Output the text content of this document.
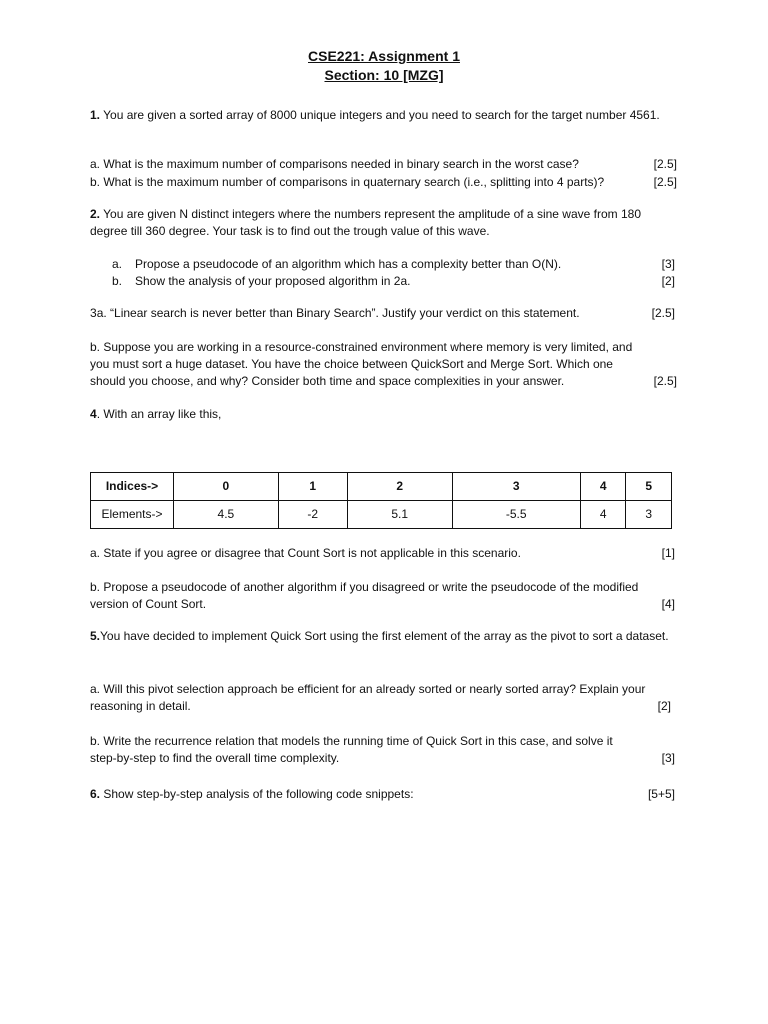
CSE221: Assignment 1
Section: 10 [MZG]
1. You are given a sorted array of 8000 unique integers and you need to search for the target number 4561.
a. What is the maximum number of comparisons needed in binary search in the worst case?	[2.5]
b. What is the maximum number of comparisons in quaternary search (i.e., splitting into 4 parts)?	[2.5]
2. You are given N distinct integers where the numbers represent the amplitude of a sine wave from 180 degree till 360 degree. Your task is to find out the trough value of this wave.
a. Propose a pseudocode of an algorithm which has a complexity better than O(N).	[3]
b. Show the analysis of your proposed algorithm in 2a.	[2]
3a. “Linear search is never better than Binary Search”. Justify your verdict on this statement.	[2.5]
b. Suppose you are working in a resource-constrained environment where memory is very limited, and
you must sort a huge dataset. You have the choice between QuickSort and Merge Sort. Which one
should you choose, and why? Consider both time and space complexities in your answer.	[2.5]
4. With an array like this,
Indices->	0	1	2	3	4	5
Elements->	4.5	-2	5.1	-5.5	4	3
a. State if you agree or disagree that Count Sort is not applicable in this scenario.	[1]
b. Propose a pseudocode of another algorithm if you disagreed or write the pseudocode of the modified
version of Count Sort.	[4]
5.You have decided to implement Quick Sort using the first element of the array as the pivot to sort a dataset.
a. Will this pivot selection approach be efficient for an already sorted or nearly sorted array? Explain your
reasoning in detail.	[2]
b. Write the recurrence relation that models the running time of Quick Sort in this case, and solve it
step-by-step to find the overall time complexity.	[3]
6. Show step-by-step analysis of the following code snippets:	[5+5]
